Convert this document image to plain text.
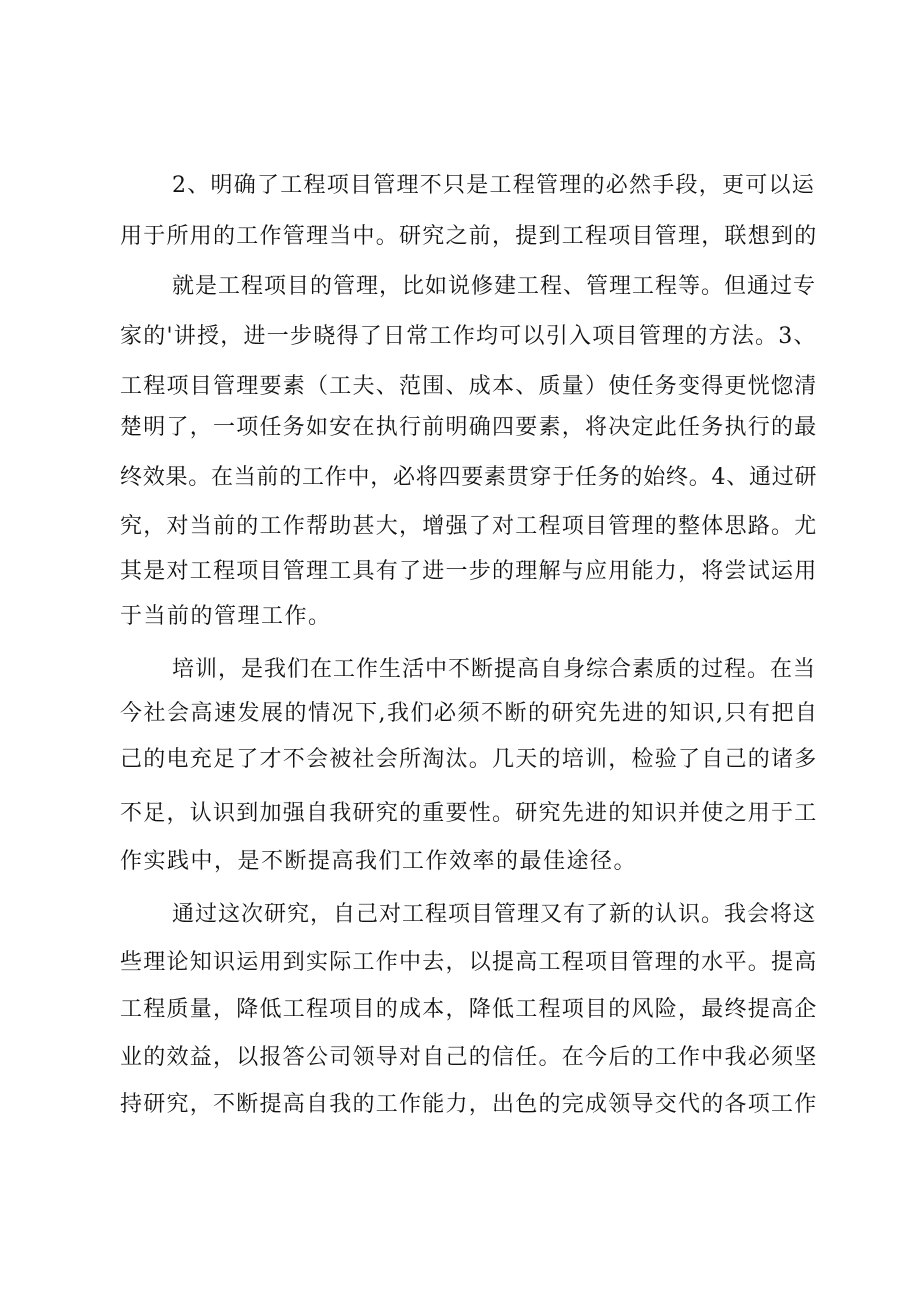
2、明确了工程项目管理不只是工程管理的必然手段，更可以运
用于所用的工作管理当中。研究之前，提到工程项目管理，联想到的
就是工程项目的管理，比如说修建工程、管理工程等。但通过专
家的'讲授，进一步晓得了日常工作均可以引入项目管理的方法。3、
工程项目管理要素（工夫、范围、成本、质量）使任务变得更恍惚清
楚明了，一项任务如安在执行前明确四要素，将决定此任务执行的最
终效果。在当前的工作中，必将四要素贯穿于任务的始终。4、通过研
究，对当前的工作帮助甚大，增强了对工程项目管理的整体思路。尤
其是对工程项目管理工具有了进一步的理解与应用能力，将尝试运用
于当前的管理工作。
培训，是我们在工作生活中不断提高自身综合素质的过程。在当
今社会高速发展的情况下,我们必须不断的研究先进的知识,只有把自
己的电充足了才不会被社会所淘汰。几天的培训，检验了自己的诸多
不足，认识到加强自我研究的重要性。研究先进的知识并使之用于工
作实践中，是不断提高我们工作效率的最佳途径。
通过这次研究，自己对工程项目管理又有了新的认识。我会将这
些理论知识运用到实际工作中去，以提高工程项目管理的水平。提高
工程质量，降低工程项目的成本，降低工程项目的风险，最终提高企
业的效益，以报答公司领导对自己的信任。在今后的工作中我必须坚
持研究，不断提高自我的工作能力，出色的完成领导交代的各项工作
